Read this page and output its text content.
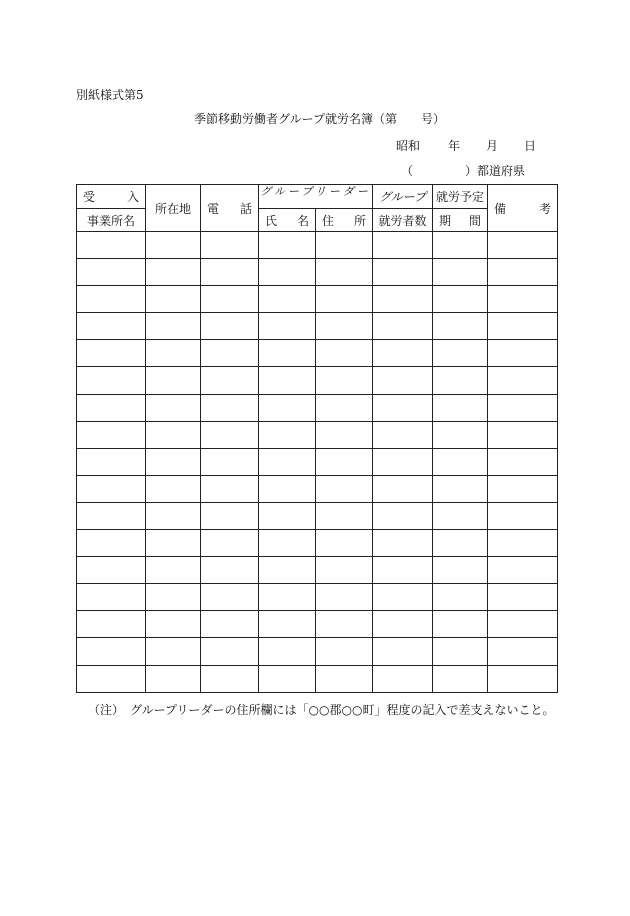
別紙様式第5
季節移動労働者グループ就労名簿（第　　号）
昭和 年 月 日
（	）都道府県
受 入	所在地	電 話	グループリーダー		グループ	就労予定	備 考

事業所名			氏 名	住 所	就労者数	期 間	

（注）　グループリーダーの住所欄には「○○郡○○町」程度の記入で差支えないこと。
